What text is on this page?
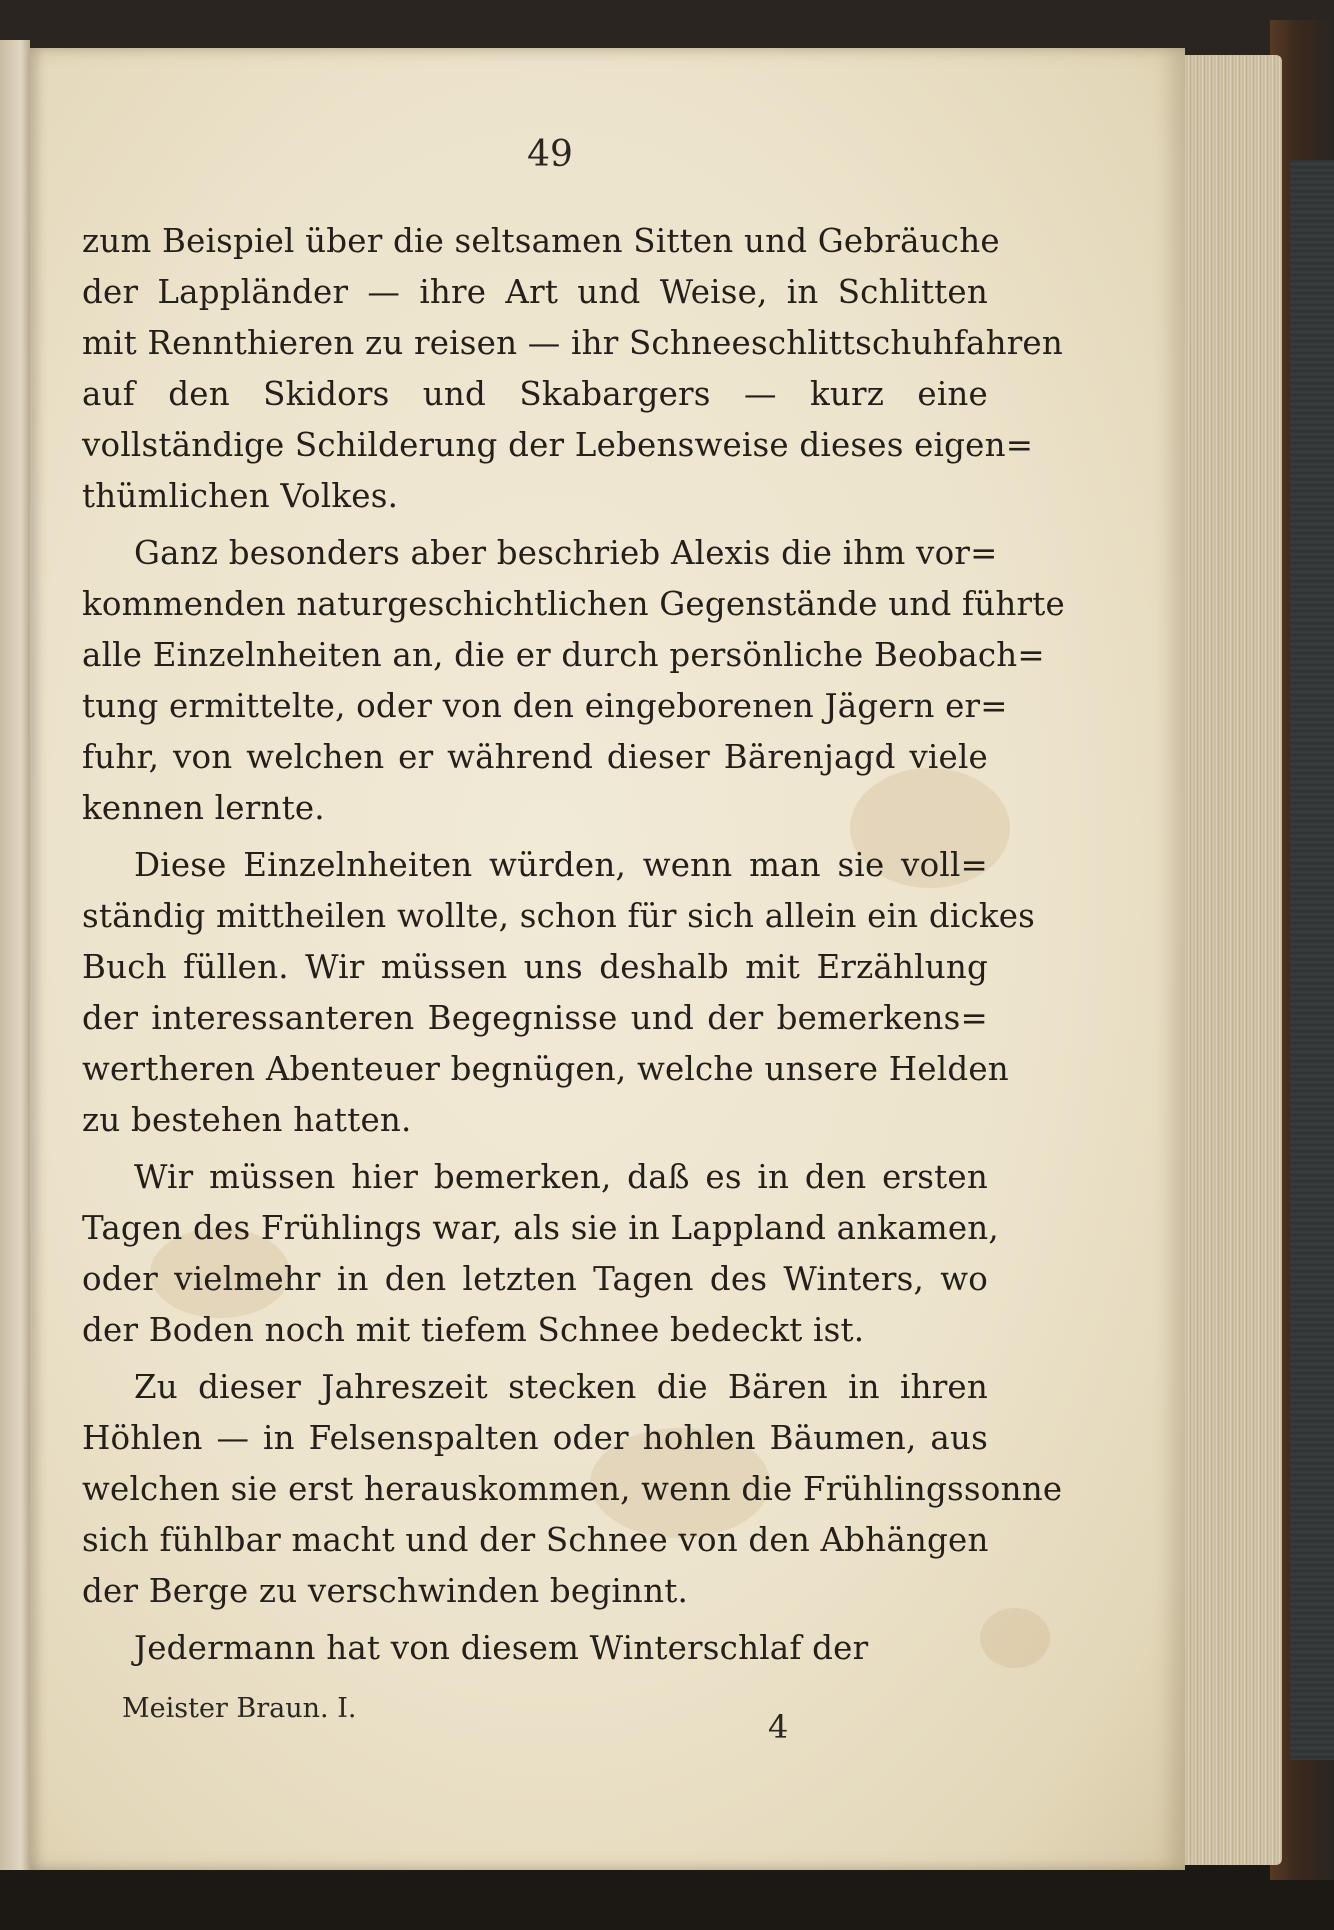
49
zum Beispiel über die seltsamen Sitten und Gebräuche
der Lappländer — ihre Art und Weise, in Schlitten
mit Rennthieren zu reisen — ihr Schneeschlittschuhfahren
auf den Skidors und Skabargers — kurz eine
vollständige Schilderung der Lebensweise dieses eigen=
thümlichen Volkes.
Ganz besonders aber beschrieb Alexis die ihm vor=
kommenden naturgeschichtlichen Gegenstände und führte
alle Einzelnheiten an, die er durch persönliche Beobach=
tung ermittelte, oder von den eingeborenen Jägern er=
fuhr, von welchen er während dieser Bärenjagd viele
kennen lernte.
Diese Einzelnheiten würden, wenn man sie voll=
ständig mittheilen wollte, schon für sich allein ein dickes
Buch füllen. Wir müssen uns deshalb mit Erzählung
der interessanteren Begegnisse und der bemerkens=
wertheren Abenteuer begnügen, welche unsere Helden
zu bestehen hatten.
Wir müssen hier bemerken, daß es in den ersten
Tagen des Frühlings war, als sie in Lappland ankamen,
oder vielmehr in den letzten Tagen des Winters, wo
der Boden noch mit tiefem Schnee bedeckt ist.
Zu dieser Jahreszeit stecken die Bären in ihren
Höhlen — in Felsenspalten oder hohlen Bäumen, aus
welchen sie erst herauskommen, wenn die Frühlingssonne
sich fühlbar macht und der Schnee von den Abhängen
der Berge zu verschwinden beginnt.
Jedermann hat von diesem Winterschlaf der
Meister Braun. I.	4
